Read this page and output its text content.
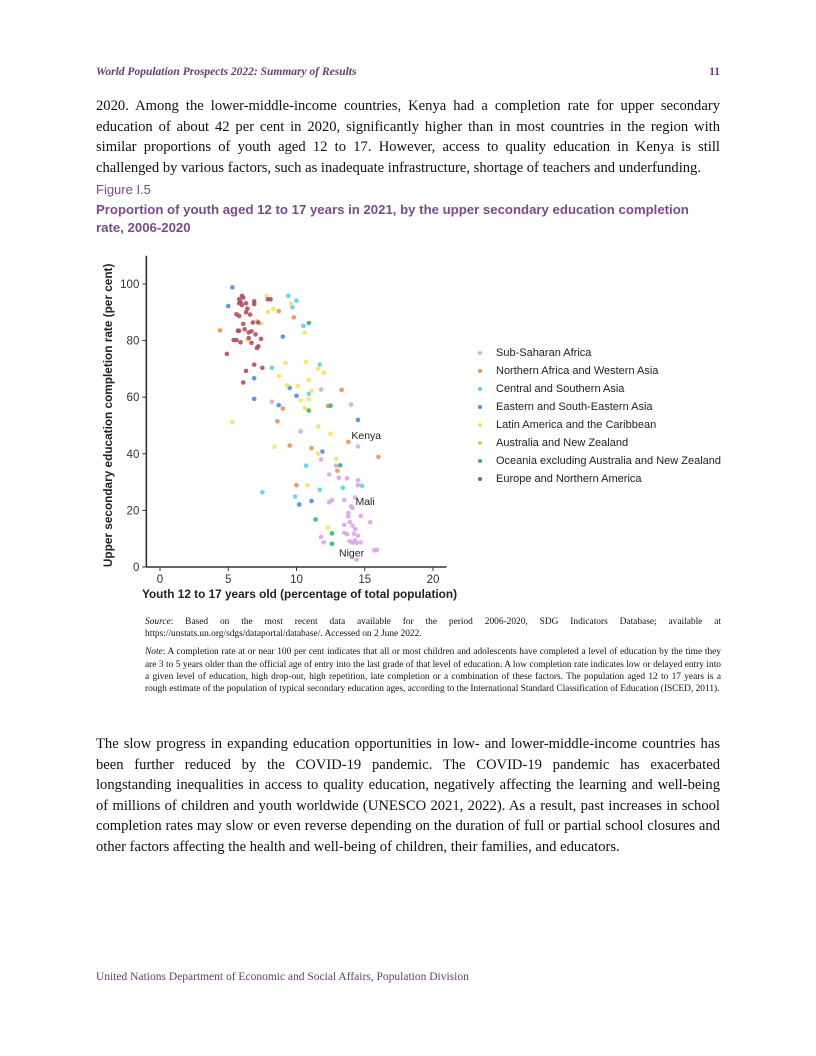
World Population Prospects 2022: Summary of Results	11
2020. Among the lower-middle-income countries, Kenya had a completion rate for upper secondary education of about 42 per cent in 2020, significantly higher than in most countries in the region with similar proportions of youth aged 12 to 17. However, access to quality education in Kenya is still challenged by various factors, such as inadequate infrastructure, shortage of teachers and underfunding.
Figure I.5
Proportion of youth aged 12 to 17 years in 2021, by the upper secondary education completion rate, 2006-2020
0
20
40
60
80
100
0	5	10	15	20
Youth 12 to 17 years old (percentage of total population)
Upper secondary education completion rate (per cent)	Kenya
Mali
Niger
Sub-Saharan Africa
Northern Africa and Western Asia
Central and Southern Asia
Eastern and South-Eastern Asia
Latin America and the Caribbean
Australia and New Zealand
Oceania excluding Australia and New Zealand
Europe and Northern America

Source: Based on the most recent data available for the period 2006-2020, SDG Indicators Database; available at https://unstats.un.org/sdgs/dataportal/database/. Accessed on 2 June 2022.

Note: A completion rate at or near 100 per cent indicates that all or most children and adolescents have completed a level of education by the time they are 3 to 5 years older than the official age of entry into the last grade of that level of education. A low completion rate indicates low or delayed entry into a given level of education, high drop-out, high repetition, late completion or a combination of these factors. The population aged 12 to 17 years is a rough estimate of the population of typical secondary education ages, according to the International Standard Classification of Education (ISCED, 2011).

The slow progress in expanding education opportunities in low- and lower-middle-income countries has been further reduced by the COVID-19 pandemic. The COVID-19 pandemic has exacerbated longstanding inequalities in access to quality education, negatively affecting the learning and well-being of millions of children and youth worldwide (UNESCO 2021, 2022). As a result, past increases in school completion rates may slow or even reverse depending on the duration of full or partial school closures and other factors affecting the health and well-being of children, their families, and educators.
United Nations Department of Economic and Social Affairs, Population Division
